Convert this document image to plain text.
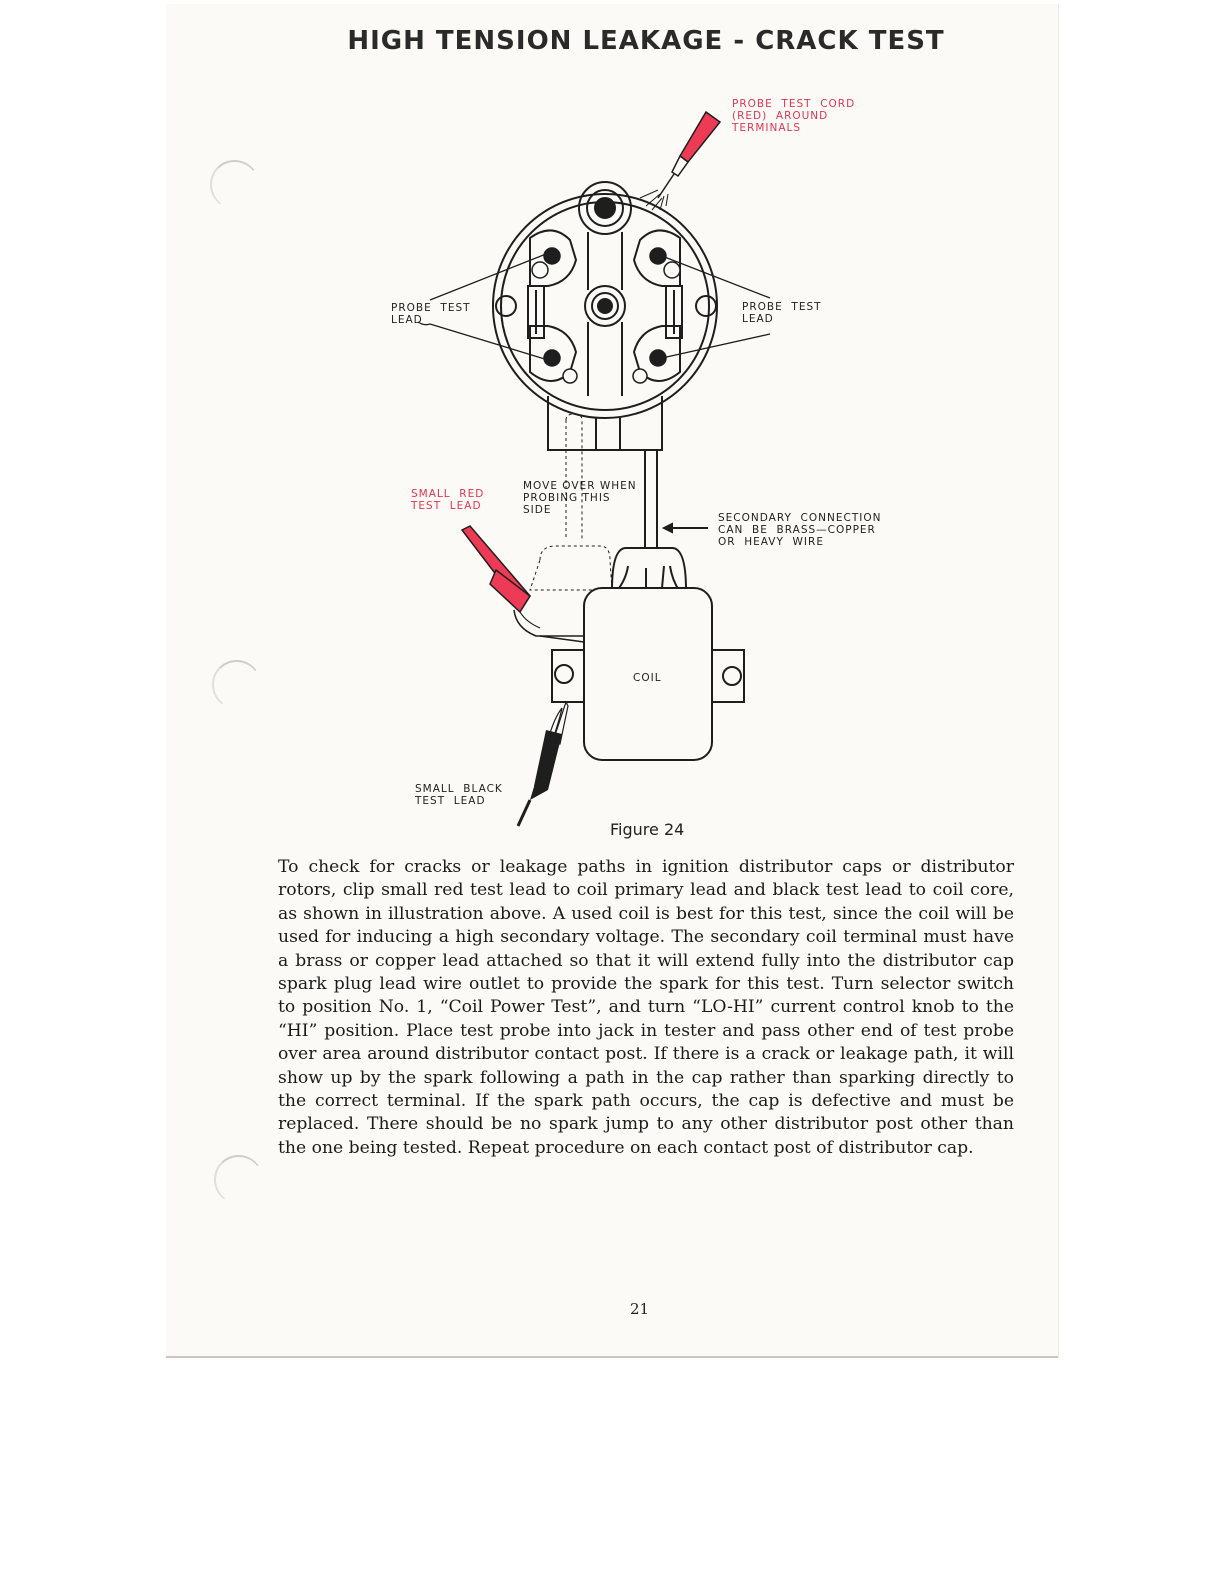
HIGH TENSION LEAKAGE - CRACK TEST
PROBE  TEST  CORD
(RED)  AROUND
TERMINALS
PROBE  TEST
LEAD
PROBE  TEST
LEAD
SMALL  RED
TEST  LEAD
MOVE OVER WHEN
PROBING THIS
SIDE
SECONDARY  CONNECTION
CAN  BE  BRASS—COPPER
OR  HEAVY  WIRE
COIL
SMALL  BLACK
TEST  LEAD
Figure 24
To check for cracks or leakage paths in ignition distributor caps or distributor rotors, clip small red test lead to coil primary lead and black test lead to coil core, as shown in illustration above. A used coil is best for this test, since the coil will be used for inducing a high secondary voltage. The secondary coil terminal must have a brass or copper lead attached so that it will extend fully into the distributor cap spark plug lead wire outlet to provide the spark for this test. Turn selector switch to position No. 1, “Coil Power Test”, and turn “LO-HI” current control knob to the “HI” position. Place test probe into jack in tester and pass other end of test probe over area around distributor contact post. If there is a crack or leakage path, it will show up by the spark following a path in the cap rather than sparking directly to the correct terminal. If the spark path occurs, the cap is defective and must be replaced. There should be no spark jump to any other distributor post other than the one being tested. Repeat procedure on each contact post of distributor cap.
21
